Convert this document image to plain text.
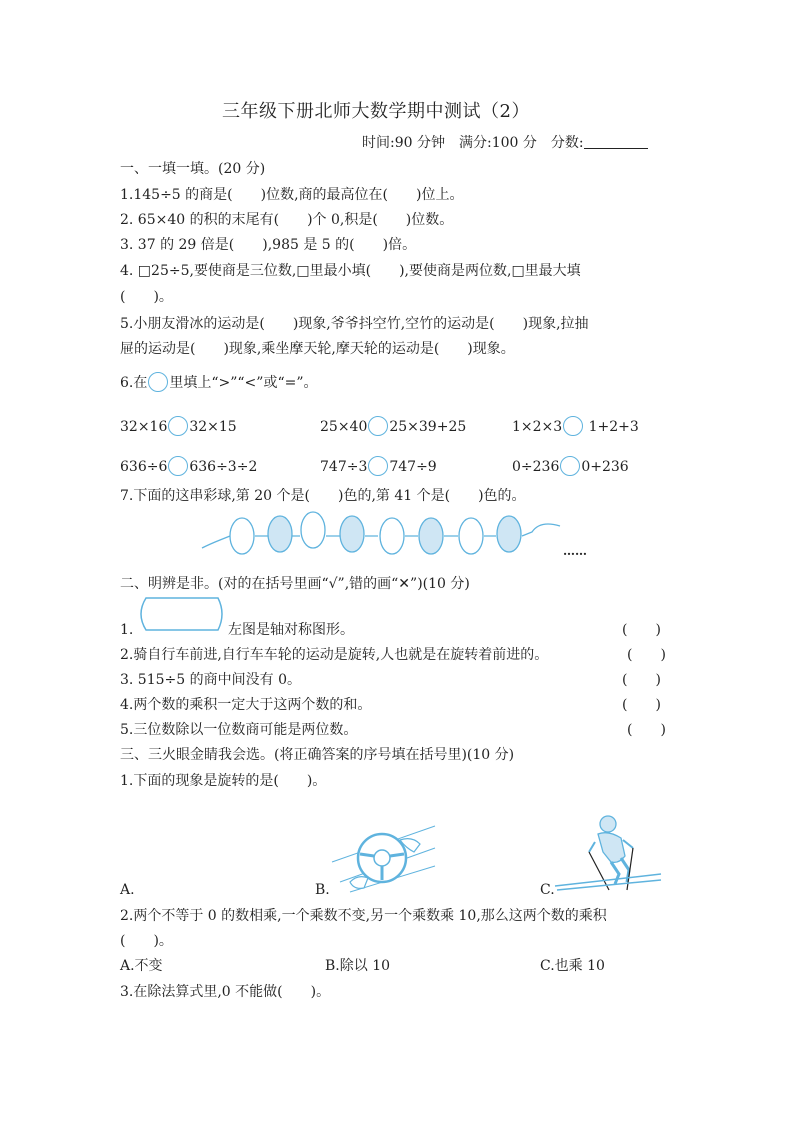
三年级下册北师大数学期中测试（2）
时间:90 分钟　满分:100 分　分数:
一、一填一填。(20 分)
1.145÷5 的商是(　　)位数,商的最高位在(　　)位上。
2. 65×40 的积的末尾有(　　)个 0,积是(　　)位数。
3. 37 的 29 倍是(　　),985 是 5 的(　　)倍。
4. □25÷5,要使商是三位数,□里最小填(　　),要使商是两位数,□里最大填
(　　)。
5.小朋友滑冰的运动是(　　)现象,爷爷抖空竹,空竹的运动是(　　)现象,拉抽
屉的运动是(　　)现象,乘坐摩天轮,摩天轮的运动是(　　)现象。
6.在 里填上“>”“<”或“=”。
32×16 32×15	25×40 25×39+25	1×2×3 1+2+3
636÷6 636÷3÷2	747÷3 747÷9	0÷236 0+236
7.下面的这串彩球,第 20 个是(　　)色的,第 41 个是(　　)色的。
……
二、明辨是非。(对的在括号里画“√”,错的画“✕”)(10 分)
1.	左图是轴对称图形。	(　　)
2.骑自行车前进,自行车车轮的运动是旋转,人也就是在旋转着前进的。	(　　)
3. 515÷5 的商中间没有 0。	(　　)
4.两个数的乘积一定大于这两个数的和。	(　　)
5.三位数除以一位数商可能是两位数。	(　　)
三、三火眼金睛我会选。(将正确答案的序号填在括号里)(10 分)
1.下面的现象是旋转的是(　　)。
A.	B.	C.
2.两个不等于 0 的数相乘,一个乘数不变,另一个乘数乘 10,那么这两个数的乘积
(　　)。
A.不变	B.除以 10	C.也乘 10
3.在除法算式里,0 不能做(　　)。
